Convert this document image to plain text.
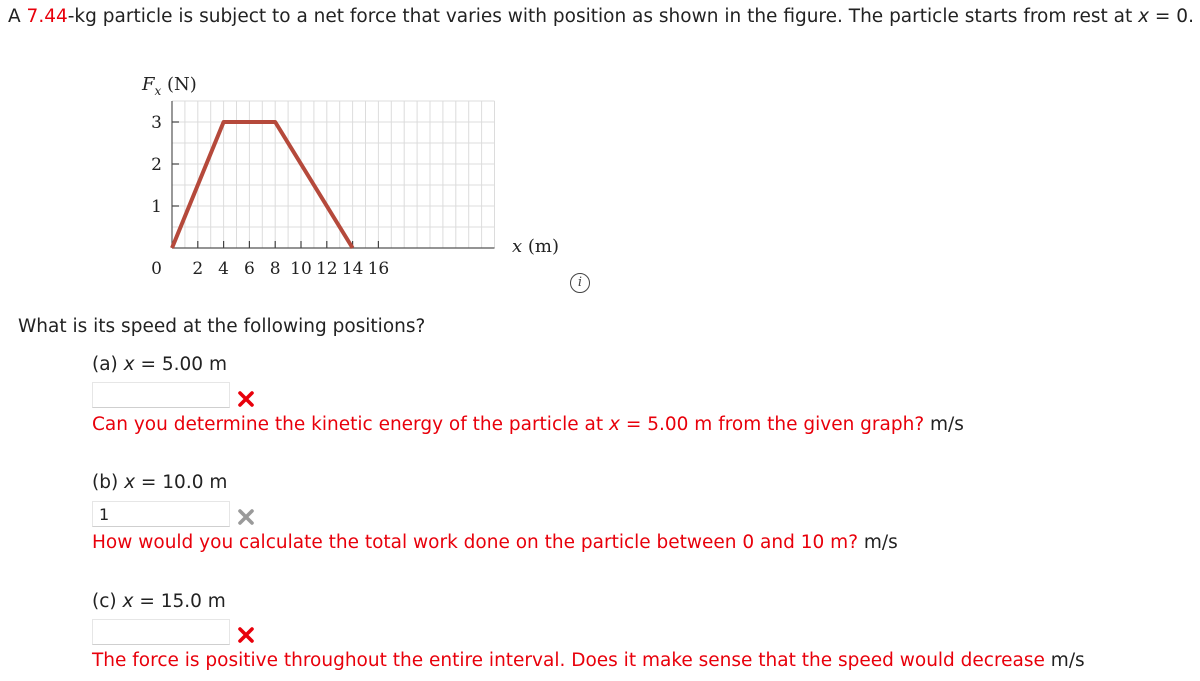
A 7.44-kg particle is subject to a net force that varies with position as shown in the figure. The particle starts from rest at x = 0.

$F_x$ (N)
1
2
3
0 2 4 6 8 10 12 14 16
x (m)
i

What is its speed at the following positions?

(a) x = 5.00 m
Can you determine the kinetic energy of the particle at x = 5.00 m from the given graph? m/s
(b) x = 10.0 m
1
How would you calculate the total work done on the particle between 0 and 10 m? m/s
(c) x = 15.0 m
The force is positive throughout the entire interval. Does it make sense that the speed would decrease m/s
